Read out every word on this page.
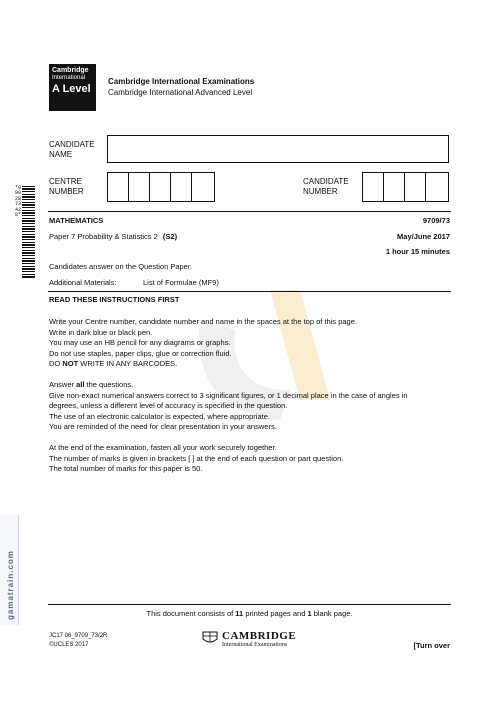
Cambridge
International
A Level
Cambridge International Examinations
Cambridge International Advanced Level
CANDIDATE
NAME
CENTRE
NUMBER
CANDIDATE
NUMBER
*0902873428*
MATHEMATICS	9709/73
Paper 7 Probability & Statistics 2 (S2)	May/June 2017
1 hour 15 minutes
Candidates answer on the Question Paper.
Additional Materials:	List of Formulae (MF9)
READ THESE INSTRUCTIONS FIRST
Write your Centre number, candidate number and name in the spaces at the top of this page.
Write in dark blue or black pen.
You may use an HB pencil for any diagrams or graphs.
Do not use staples, paper clips, glue or correction fluid.
DO NOT WRITE IN ANY BARCODES.
Answer all the questions.
Give non-exact numerical answers correct to 3 significant figures, or 1 decimal place in the case of angles in
degrees, unless a different level of accuracy is specified in the question.
The use of an electronic calculator is expected, where appropriate.
You are reminded of the need for clear presentation in your answers.
At the end of the examination, fasten all your work securely together.
The number of marks is given in brackets [ ] at the end of each question or part question.
The total number of marks for this paper is 50.
gamatrain.com	This document consists of 11 printed pages and 1 blank page.
JC17 06_9709_73/2R
©UCLES 2017
CAMBRIDGE
International Examinations	[Turn over
